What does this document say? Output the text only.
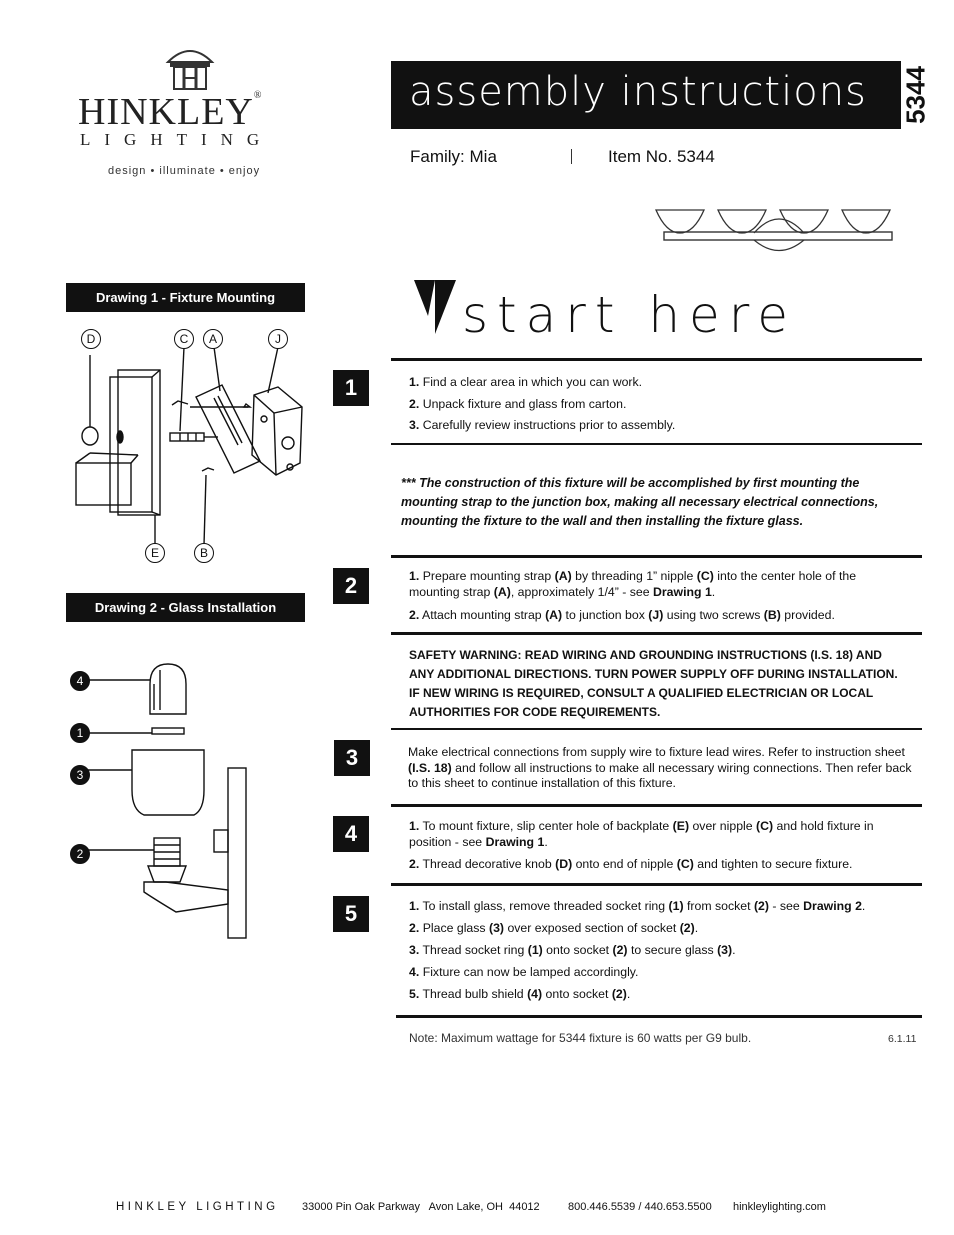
HINKLEY®
LIGHTING
design • illuminate • enjoy
assembly instructions	5344
Family: Mia	Item No. 5344
Drawing 1 - Fixture Mounting
D	C	A	J
E	B
Drawing 2 - Glass Installation
4
1
3
2
start here
1	1. Find a clear area in which you can work.

2. Unpack fixture and glass from carton.

3. Carefully review instructions prior to assembly.

*** The construction of this fixture will be accomplished by first mounting the mounting strap to the junction box, making all necessary electrical connections, mounting the fixture to the wall and then installing the fixture glass.
2	1. Prepare mounting strap (A) by threading 1” nipple (C) into the center hole of the mounting strap (A), approximately 1/4” - see Drawing 1.

2. Attach mounting strap (A) to junction box (J) using two screws (B) provided.

SAFETY WARNING: READ WIRING AND GROUNDING INSTRUCTIONS (I.S. 18) AND ANY ADDITIONAL DIRECTIONS. TURN POWER SUPPLY OFF DURING INSTALLATION. IF NEW WIRING IS REQUIRED, CONSULT A QUALIFIED ELECTRICIAN OR LOCAL AUTHORITIES FOR CODE REQUIREMENTS.
3	Make electrical connections from supply wire to fixture lead wires. Refer to instruction sheet (I.S. 18) and follow all instructions to make all necessary wiring connections. Then refer back to this sheet to continue installation of this fixture.
4	1. To mount fixture, slip center hole of backplate (E) over nipple (C) and hold fixture in position - see Drawing 1.

2. Thread decorative knob (D) onto end of nipple (C) and tighten to secure fixture.

5	1. To install glass, remove threaded socket ring (1) from socket (2) - see Drawing 2.

2. Place glass (3) over exposed section of socket (2).

3. Thread socket ring (1) onto socket (2) to secure glass (3).

4. Fixture can now be lamped accordingly.

5. Thread bulb shield (4) onto socket (2).

Note: Maximum wattage for 5344 fixture is 60 watts per G9 bulb.	6.1.11
HINKLEY LIGHTING 33000 Pin Oak Parkway   Avon Lake, OH  44012	800.446.5539 / 440.653.5500 hinkleylighting.com
